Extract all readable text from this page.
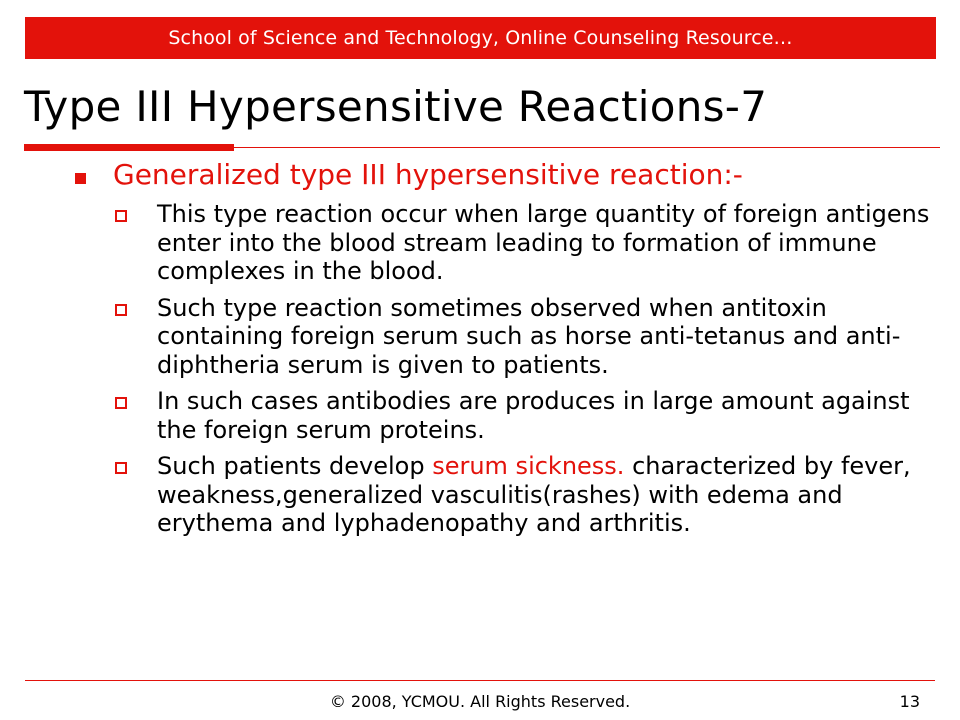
School of Science and Technology, Online Counseling Resource…
Type III Hypersensitive Reactions-7
Generalized type III hypersensitive reaction:-
This type reaction occur when large quantity of foreign antigens enter into the blood stream leading to formation of immune complexes in the blood.
Such type reaction sometimes observed when antitoxin containing foreign serum such as horse anti-tetanus and anti-diphtheria serum is given to patients.
In such cases antibodies are produces in large amount against the foreign serum proteins.
Such patients develop serum sickness. characterized by fever, weakness,generalized vasculitis(rashes) with edema and erythema and lyphadenopathy and arthritis.
© 2008, YCMOU. All Rights Reserved.	13
